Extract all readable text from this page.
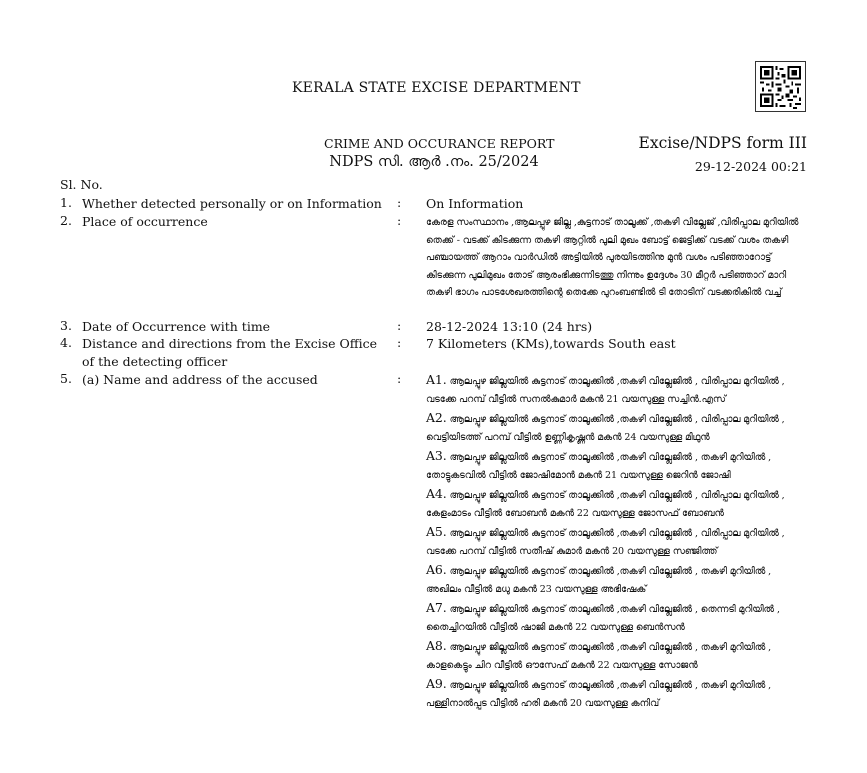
KERALA STATE EXCISE DEPARTMENT
CRIME AND OCCURANCE REPORT
NDPS സി. ആർ .നം. 25/2024
Excise/NDPS form III
29-12-2024 00:21
Sl. No.
1. Whether detected personally or on Information : On Information
2. Place of occurrence	:	കേരള സംസ്ഥാനം ,ആലപ്പുഴ ജില്ല ,കുട്ടനാട് താലൂക്ക് ,തകഴി വില്ലേജ് ,വിരിപ്പാല മുറിയിൽ തെക്ക് - വടക്ക് കിടക്കുന്ന തകഴി ആറ്റിൽ പുലി മുഖം ബോട്ട് ജെട്ടിക്ക് വടക്ക് വശം തകഴി പഞ്ചായത്ത് ആറാം വാർഡിൽ അട്ടിയിൽ പുരയിടത്തിനു മുൻ വശം പടിഞ്ഞാറോട്ട് കിടക്കുന്ന പുലിമുഖം തോട് ആരംഭിക്കുന്നിടത്തു നിന്നും ഉദ്ദേശം 30 മീറ്റർ പടിഞ്ഞാറ് മാറി തകഴി ഭാഗം പാടശേഖരത്തിന്റെ തെക്കേ പുറംബണ്ടിൽ ടി തോടിന് വടക്കരികിൽ വച്ച്
3. Date of Occurrence with time	: 28-12-2024 13:10 (24 hrs)
4. Distance and directions from the Excise Office of the detecting officer
: 7 Kilometers (KMs),towards South east
5. (a) Name and address of the accused	: A1. ആലപ്പുഴ ജില്ലയിൽ കുട്ടനാട് താലൂക്കിൽ ,തകഴി വില്ലേജിൽ , വിരിപ്പാല മുറിയിൽ , വടക്കേ പറമ്പ് വീട്ടിൽ സനൽകുമാർ മകൻ 21 വയസുള്ള സച്ചിൻ.എസ്
A2. ആലപ്പുഴ ജില്ലയിൽ കുട്ടനാട് താലൂക്കിൽ ,തകഴി വില്ലേജിൽ , വിരിപ്പാല മുറിയിൽ , വെട്ടിയിടത്ത് പറമ്പ് വീട്ടിൽ ഉണ്ണികൃഷ്ണൻ മകൻ 24 വയസുള്ള മിഥുൻ
A3. ആലപ്പുഴ ജില്ലയിൽ കുട്ടനാട് താലൂക്കിൽ ,തകഴി വില്ലേജിൽ , തകഴി മുറിയിൽ , തോട്ടുകടവിൽ വീട്ടിൽ ജോഷിമോൻ മകൻ 21 വയസുള്ള ജെറിൻ ജോഷി
A4. ആലപ്പുഴ ജില്ലയിൽ കുട്ടനാട് താലൂക്കിൽ ,തകഴി വില്ലേജിൽ , വിരിപ്പാല മുറിയിൽ , കേളംമാടം വീട്ടിൽ ബോബൻ മകൻ 22 വയസുള്ള ജോസഫ് ബോബൻ
A5. ആലപ്പുഴ ജില്ലയിൽ കുട്ടനാട് താലൂക്കിൽ ,തകഴി വില്ലേജിൽ , വിരിപ്പാല മുറിയിൽ , വടക്കേ പറമ്പ് വീട്ടിൽ സതീഷ് കുമാർ മകൻ 20 വയസുള്ള സഞ്ജിത്ത്
A6. ആലപ്പുഴ ജില്ലയിൽ കുട്ടനാട് താലൂക്കിൽ ,തകഴി വില്ലേജിൽ , തകഴി മുറിയിൽ , അഖിലം വീട്ടിൽ മധു മകൻ 23 വയസുള്ള അഭിഷേക്
A7. ആലപ്പുഴ ജില്ലയിൽ കുട്ടനാട് താലൂക്കിൽ ,തകഴി വില്ലേജിൽ , തെന്നടി മുറിയിൽ , തൈച്ചിറയിൽ വീട്ടിൽ ഷാജി മകൻ 22 വയസുള്ള ബെൻസൻ
A8. ആലപ്പുഴ ജില്ലയിൽ കുട്ടനാട് താലൂക്കിൽ ,തകഴി വില്ലേജിൽ , തകഴി മുറിയിൽ , കാളകെട്ടും ചിറ വീട്ടിൽ ഔസേഫ് മകൻ 22 വയസുള്ള സോജൻ
A9. ആലപ്പുഴ ജില്ലയിൽ കുട്ടനാട് താലൂക്കിൽ ,തകഴി വില്ലേജിൽ , തകഴി മുറിയിൽ , പള്ളിനാൽപ്പട വീട്ടിൽ ഹരി മകൻ 20 വയസുള്ള കനിവ്
